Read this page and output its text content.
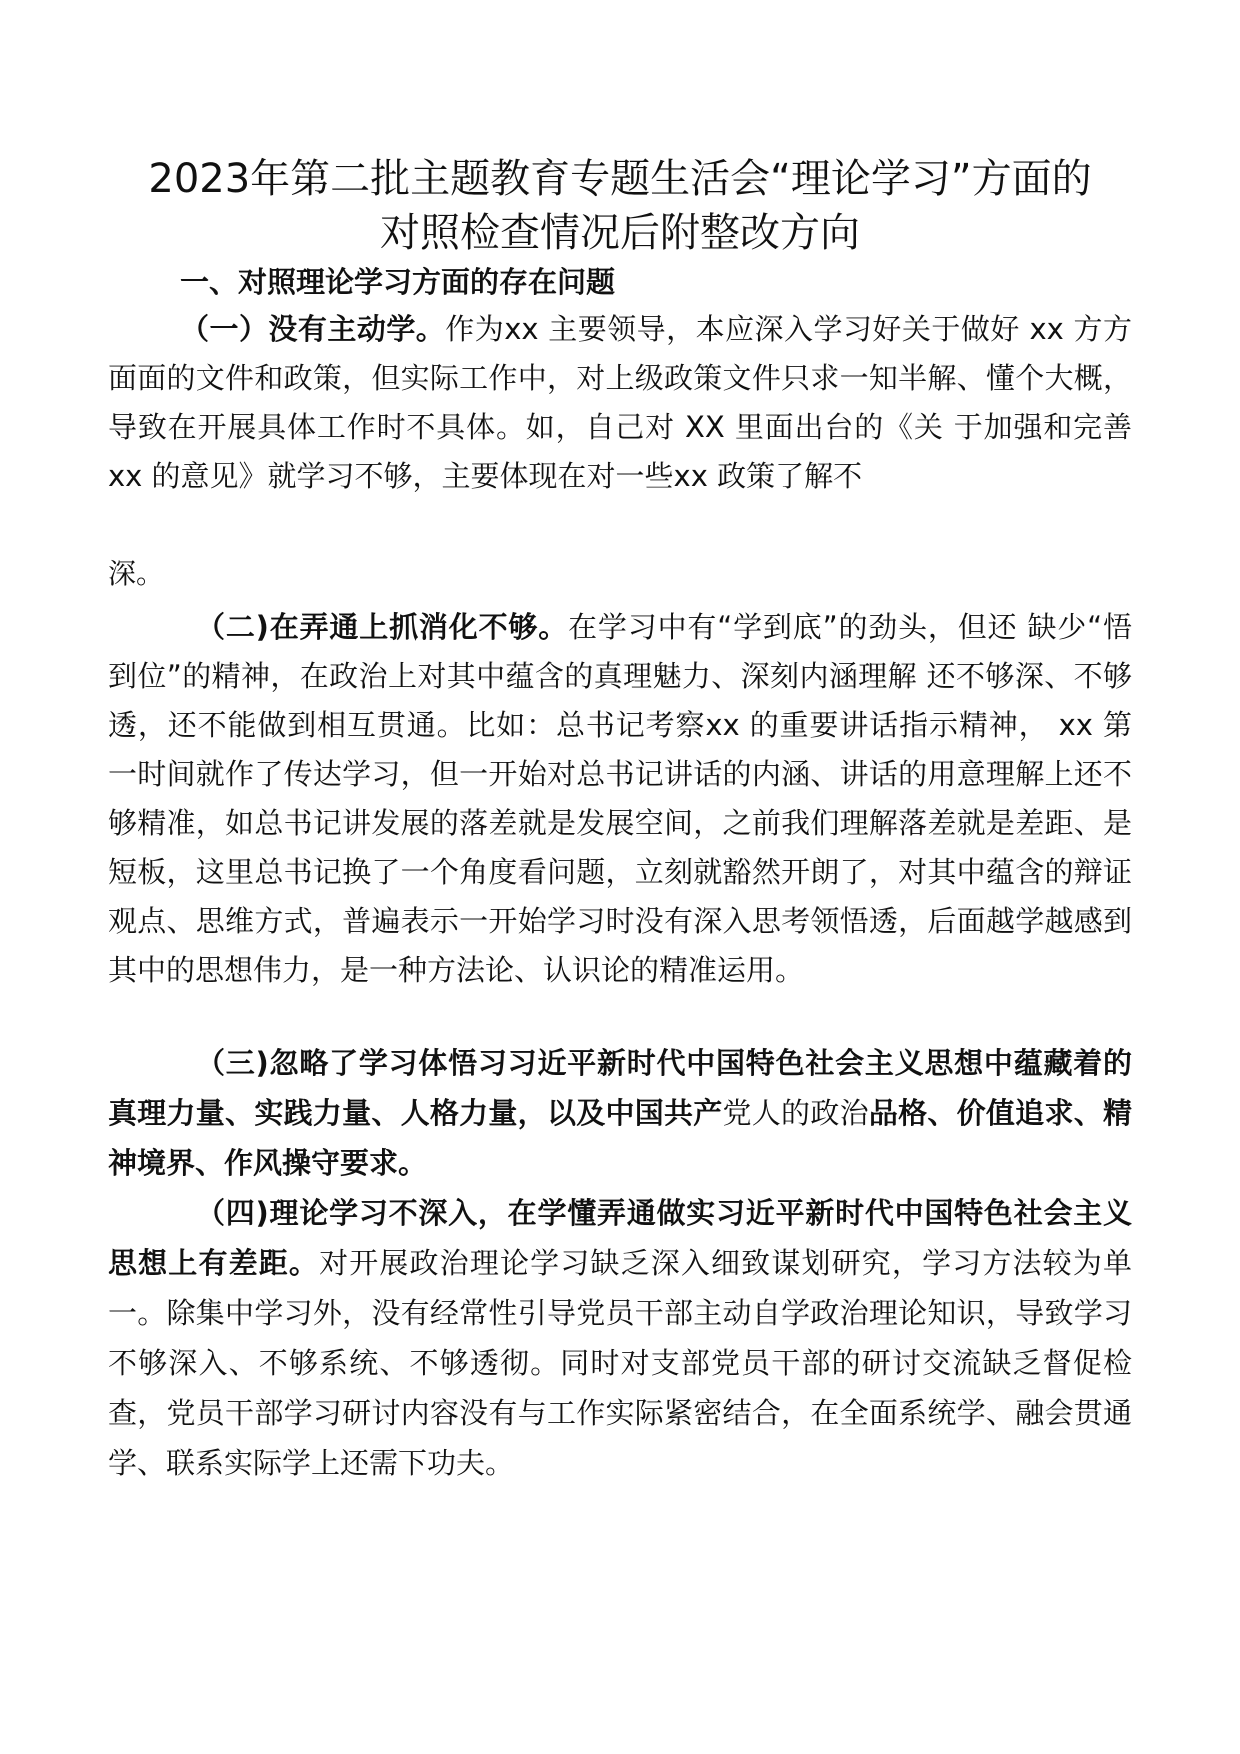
2023年第二批主题教育专题生活会“理论学习”方面的
对照检查情况后附整改方向
一、对照理论学习方面的存在问题

（一）没有主动学。作为xx 主要领导，本应深入学习好关于做好 xx 方方面面的文件和政策，但实际工作中，对上级政策文件只求一知半解、懂个大概，导致在开展具体工作时不具体。如，自己对 XX 里面出台的《关 于加强和完善xx 的意见》就学习不够，主要体现在对一些xx 政策了解不

深。

（二)在弄通上抓消化不够。在学习中有“学到底”的劲头，但还 缺少“悟到位”的精神，在政治上对其中蕴含的真理魅力、深刻内涵理解 还不够深、不够透，还不能做到相互贯通。比如：总书记考察xx 的重要讲话指示精神， xx 第一时间就作了传达学习，但一开始对总书记讲话的内涵、讲话的用意理解上还不够精准，如总书记讲发展的落差就是发展空间，之前我们理解落差就是差距、是短板，这里总书记换了一个角度看问题，立刻就豁然开朗了，对其中蕴含的辩证观点、思维方式，普遍表示一开始学习时没有深入思考领悟透，后面越学越感到其中的思想伟力，是一种方法论、认识论的精准运用。

（三)忽略了学习体悟习习近平新时代中国特色社会主义思想中蕴藏着的真理力量、实践力量、人格力量，以及中国共产党人的政治品格、价值追求、精神境界、作风操守要求。

（四)理论学习不深入，在学懂弄通做实习近平新时代中国特色社会主义思想上有差距。对开展政治理论学习缺乏深入细致谋划研究，学习方法较为单一。除集中学习外，没有经常性引导党员干部主动自学政治理论知识，导致学习不够深入、不够系统、不够透彻。同时对支部党员干部的研讨交流缺乏督促检查，党员干部学习研讨内容没有与工作实际紧密结合，在全面系统学、融会贯通学、联系实际学上还需下功夫。
